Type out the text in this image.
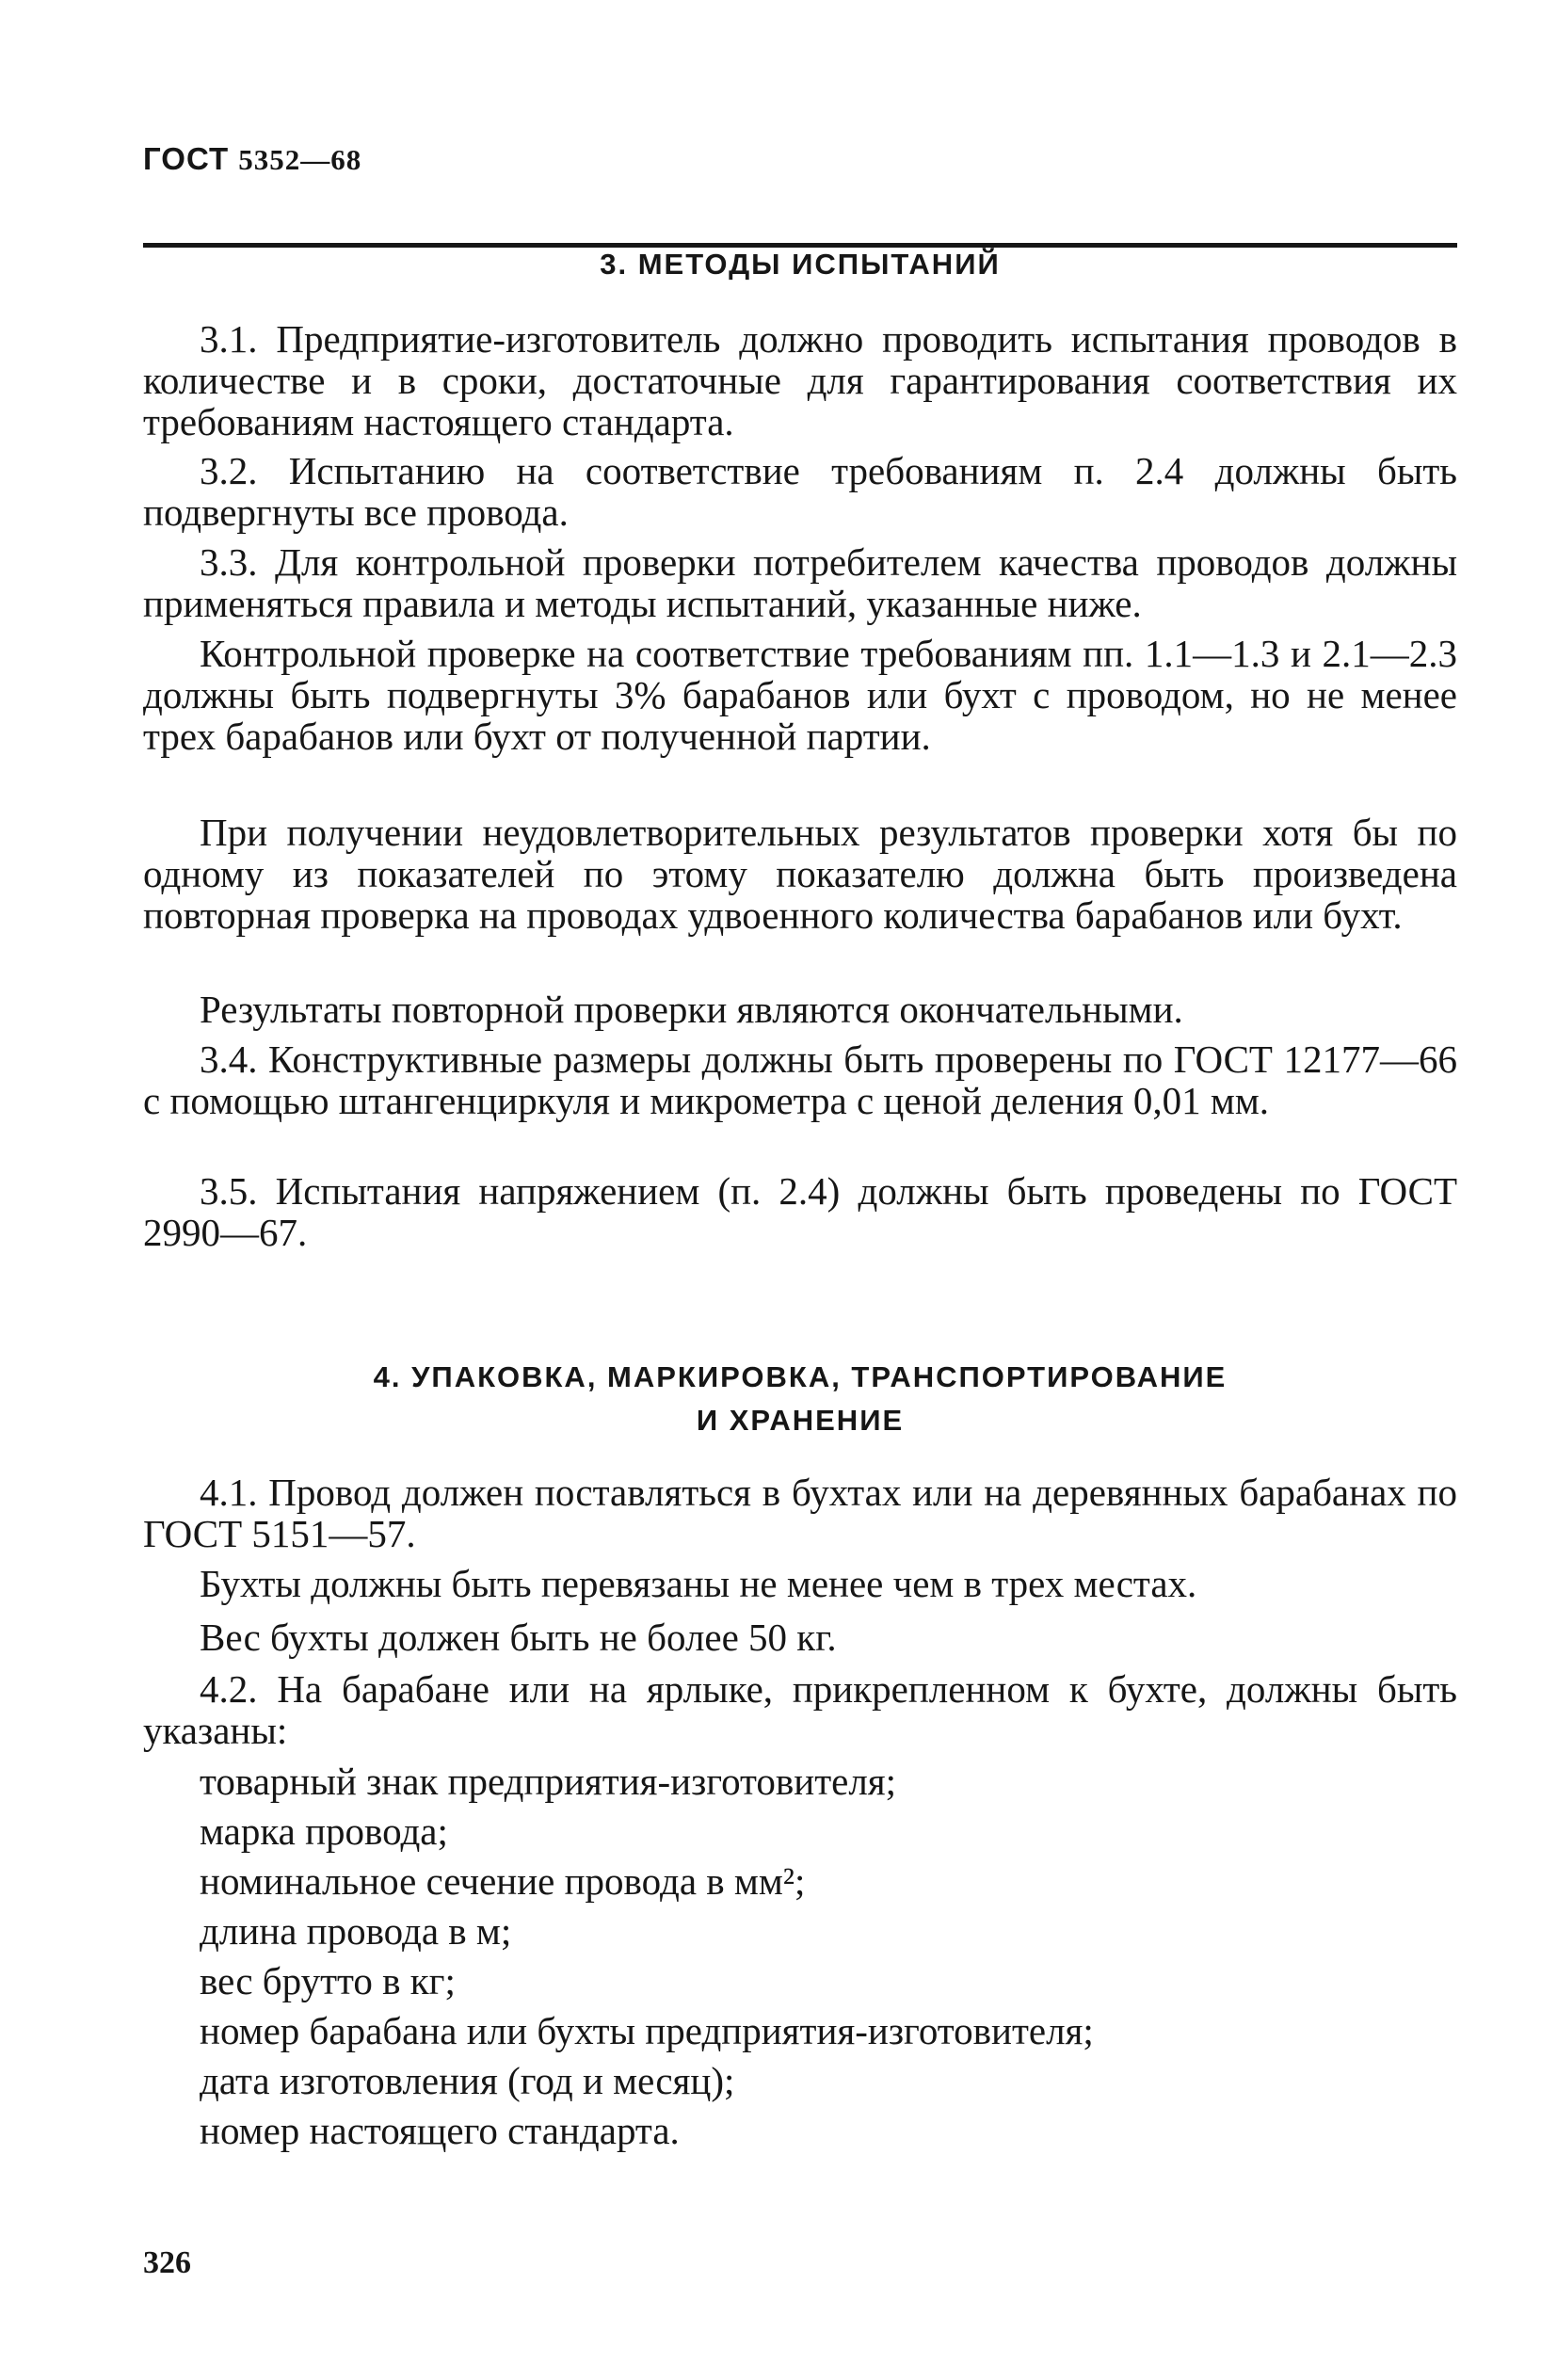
ГОСТ 5352—68
3. МЕТОДЫ ИСПЫТАНИЙ

3.1. Предприятие-изготовитель должно проводить испытания проводов в количестве и в сроки, достаточные для гарантирования соответствия их требованиям настоящего стандарта.

3.2. Испытанию на соответствие требованиям п. 2.4 должны быть подвергнуты все провода.

3.3. Для контрольной проверки потребителем качества проводов должны применяться правила и методы испытаний, указанные ниже.

Контрольной проверке на соответствие требованиям пп. 1.1—1.3 и 2.1—2.3 должны быть подвергнуты 3% барабанов или бухт с проводом, но не менее трех барабанов или бухт от полученной партии.

При получении неудовлетворительных результатов проверки хотя бы по одному из показателей по этому показателю должна быть произведена повторная проверка на проводах удвоенного количества барабанов или бухт.

Результаты повторной проверки являются окончательными.

3.4. Конструктивные размеры должны быть проверены по ГОСТ 12177—66 с помощью штангенциркуля и микрометра с ценой деления 0,01 мм.

3.5. Испытания напряжением (п. 2.4) должны быть проведены по ГОСТ 2990—67.

4. УПАКОВКА, МАРКИРОВКА, ТРАНСПОРТИРОВАНИЕ
И ХРАНЕНИЕ

4.1. Провод должен поставляться в бухтах или на деревянных барабанах по ГОСТ 5151—57.

Бухты должны быть перевязаны не менее чем в трех местах.

Вес бухты должен быть не более 50 кг.

4.2. На барабане или на ярлыке, прикрепленном к бухте, должны быть указаны:

товарный знак предприятия-изготовителя;
марка провода;
номинальное сечение провода в мм²;
длина провода в м;
вес брутто в кг;
номер барабана или бухты предприятия-изготовителя;
дата изготовления (год и месяц);
номер настоящего стандарта.
326
